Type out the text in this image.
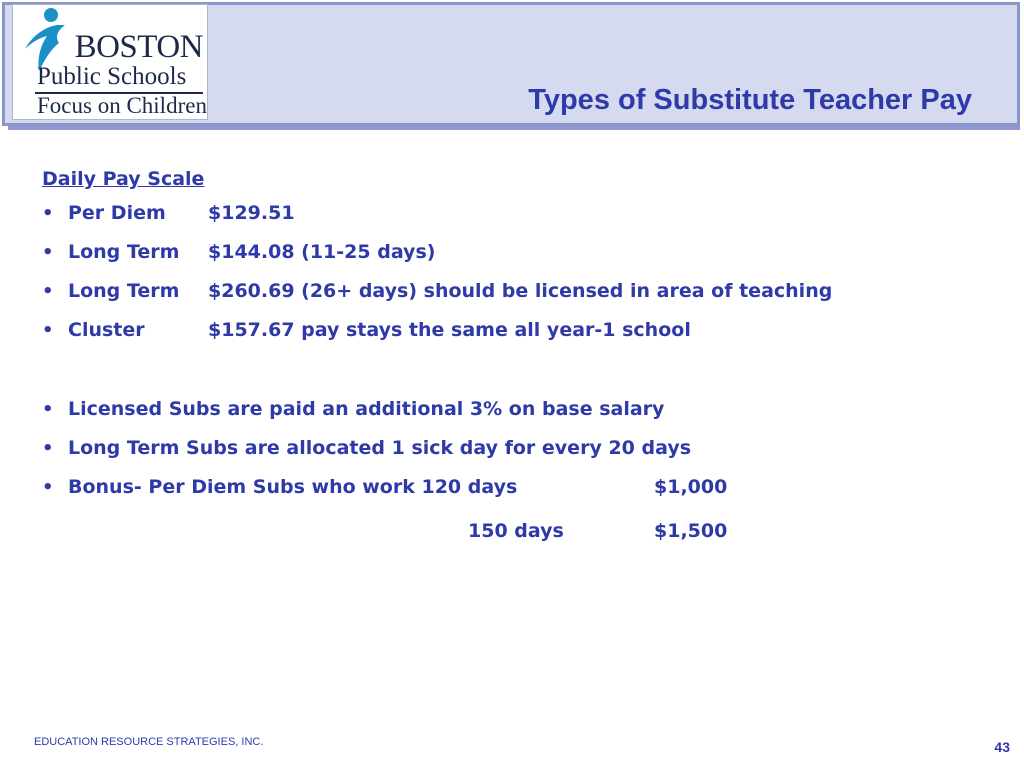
BOSTON
Public Schools
Focus on Children	Types of Substitute Teacher Pay
Daily Pay Scale
• Per Diem $129.51
• Long Term $144.08 (11-25 days)
• Long Term $260.69 (26+ days) should be licensed in area of teaching
• Cluster	$157.67 pay stays the same all year-1 school
• Licensed Subs are paid an additional 3% on base salary
• Long Term Subs are allocated 1 sick day for every 20 days
• Bonus- Per Diem Subs who work 120 days	$1,000
150 days	$1,500
EDUCATION RESOURCE STRATEGIES, INC.	43
